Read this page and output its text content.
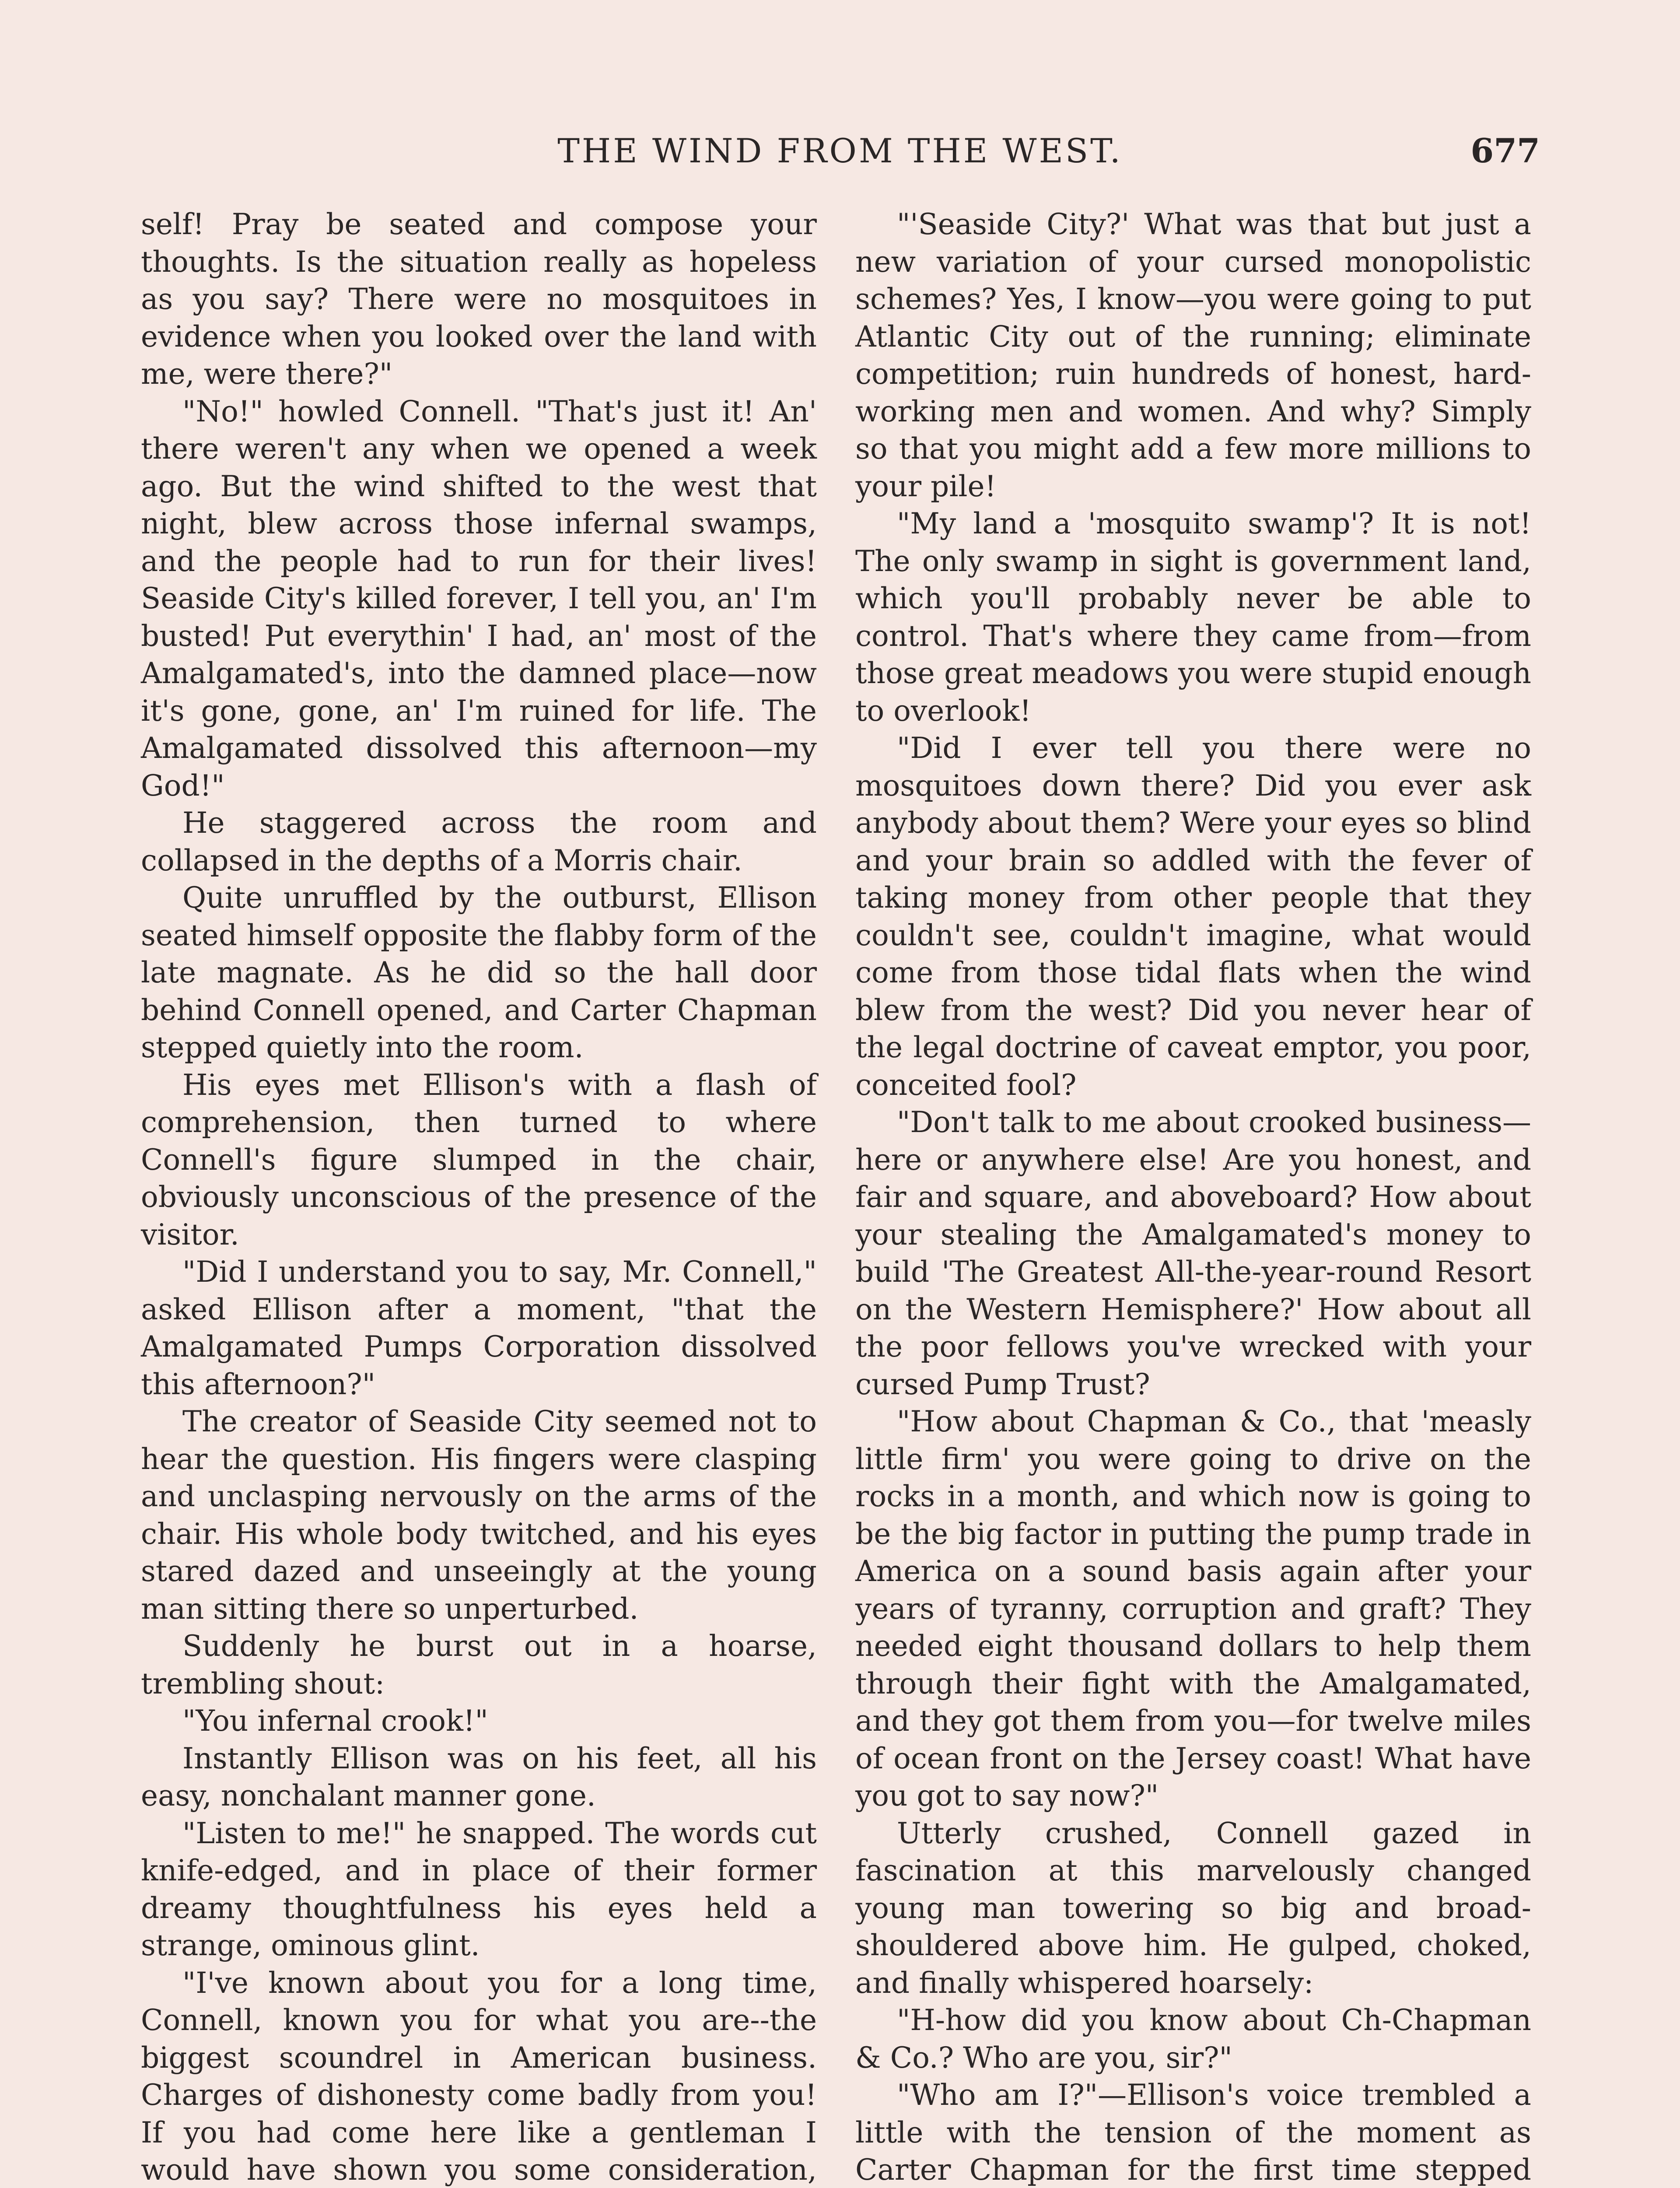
THE WIND FROM THE WEST.	677

self! Pray be seated and compose your thoughts. Is the situation really as hopeless as you say? There were no mosquitoes in evidence when you looked over the land with me, were there?"

"No!" howled Connell. "That's just it! An' there weren't any when we opened a week ago. But the wind shifted to the west that night, blew across those infernal swamps, and the people had to run for their lives! Seaside City's killed forever, I tell you, an' I'm busted! Put everythin' I had, an' most of the Amalgamated's, into the damned place—now it's gone, gone, an' I'm ruined for life. The Amalgamated dissolved this afternoon—my God!"

He staggered across the room and collapsed in the depths of a Morris chair.

Quite unruffled by the outburst, Ellison seated himself opposite the flabby form of the late magnate. As he did so the hall door behind Connell opened, and Carter Chapman stepped quietly into the room.

His eyes met Ellison's with a flash of comprehension, then turned to where Connell's figure slumped in the chair, obviously unconscious of the presence of the visitor.

"Did I understand you to say, Mr. Connell," asked Ellison after a moment, "that the Amalgamated Pumps Corporation dissolved this afternoon?"

The creator of Seaside City seemed not to hear the question. His fingers were clasping and unclasping nervously on the arms of the chair. His whole body twitched, and his eyes stared dazed and unseeingly at the young man sitting there so unperturbed.

Suddenly he burst out in a hoarse, trembling shout:

"You infernal crook!"

Instantly Ellison was on his feet, all his easy, nonchalant manner gone.

"Listen to me!" he snapped. The words cut knife-edged, and in place of their former dreamy thoughtfulness his eyes held a strange, ominous glint.

"I've known about you for a long time, Connell, known you for what you are--the biggest scoundrel in American business. Charges of dishonesty come badly from you! If you had come here like a gentleman I would have shown you some consideration,

"'Seaside City?' What was that but just a new variation of your cursed monopolistic schemes? Yes, I know—you were going to put Atlantic City out of the running; eliminate competition; ruin hundreds of honest, hard-working men and women. And why? Simply so that you might add a few more millions to your pile!

"My land a 'mosquito swamp'? It is not! The only swamp in sight is government land, which you'll probably never be able to control. That's where they came from—from those great meadows you were stupid enough to overlook!

"Did I ever tell you there were no mosquitoes down there? Did you ever ask anybody about them? Were your eyes so blind and your brain so addled with the fever of taking money from other people that they couldn't see, couldn't imagine, what would come from those tidal flats when the wind blew from the west? Did you never hear of the legal doctrine of caveat emptor, you poor, conceited fool?

"Don't talk to me about crooked business—here or anywhere else! Are you honest, and fair and square, and aboveboard? How about your stealing the Amalgamated's money to build 'The Greatest All-the-year-round Resort on the Western Hemisphere?' How about all the poor fellows you've wrecked with your cursed Pump Trust?

"How about Chapman & Co., that 'measly little firm' you were going to drive on the rocks in a month, and which now is going to be the big factor in putting the pump trade in America on a sound basis again after your years of tyranny, corruption and graft? They needed eight thousand dollars to help them through their fight with the Amalgamated, and they got them from you—for twelve miles of ocean front on the Jersey coast! What have you got to say now?"

Utterly crushed, Connell gazed in fascination at this marvelously changed young man towering so big and broad-shouldered above him. He gulped, choked, and finally whispered hoarsely:

"H-how did you know about Ch-Chapman & Co.? Who are you, sir?"

"Who am I?"—Ellison's voice trembled a little with the tension of the moment as Carter Chapman for the first time stepped
